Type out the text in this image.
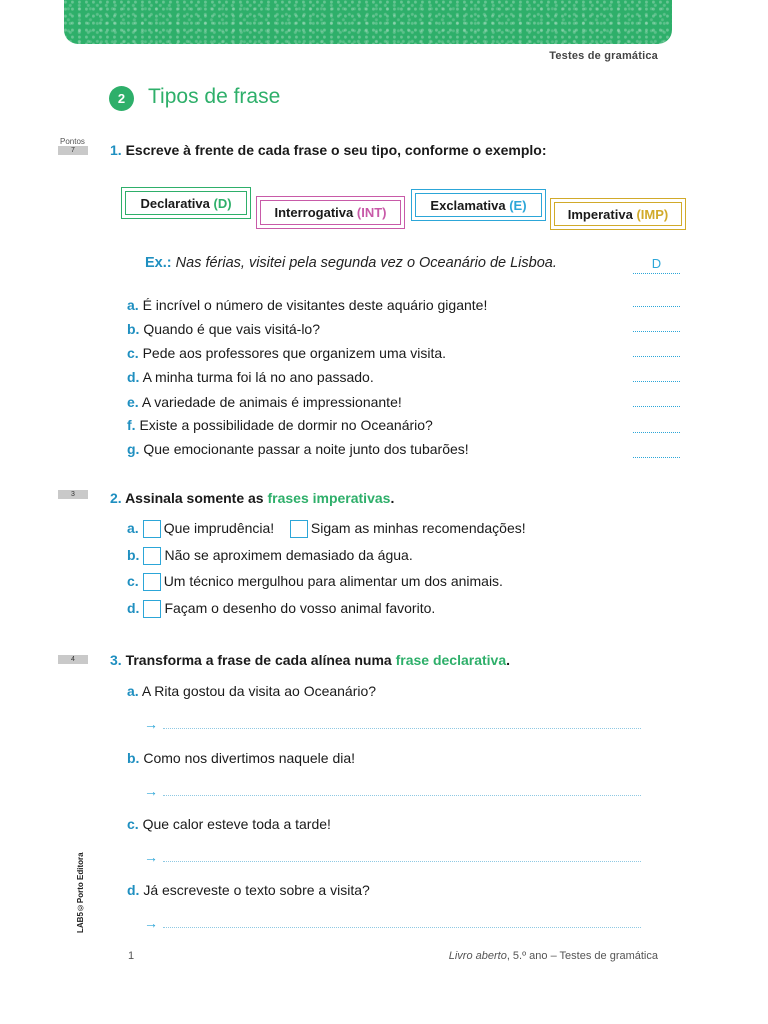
Testes de gramática
2	Tipos de frase
Pontos
7	1. Escreve à frente de cada frase o seu tipo, conforme o exemplo:
Declarativa
(D)
Interrogativa
(INT)	Exclamativa
(E)
Imperativa
(IMP)
Ex.: Nas férias, visitei pela segunda vez o Oceanário de Lisboa.	D
a. É incrível o número de visitantes deste aquário gigante!
b. Quando é que vais visitá-lo?
c. Pede aos professores que organizem uma visita.
d. A minha turma foi lá no ano passado.
e. A variedade de animais é impressionante!
f. Existe a possibilidade de dormir no Oceanário?
g. Que emocionante passar a noite junto dos tubarões!
3	2. Assinala somente as frases imperativas.
a. Que imprudência!	Sigam as minhas recomendações!
b. Não se aproximem demasiado da água.
c. Um técnico mergulhou para alimentar um dos animais.
d. Façam o desenho do vosso animal favorito.
4	3. Transforma a frase de cada alínea numa frase declarativa.
a. A Rita gostou da visita ao Oceanário?
→
b. Como nos divertimos naquele dia!
→
c. Que calor esteve toda a tarde!
→
d. Já escreveste o texto sobre a visita?
→
LAB5©Porto Editora
1	Livro aberto, 5.º ano – Testes de gramática
